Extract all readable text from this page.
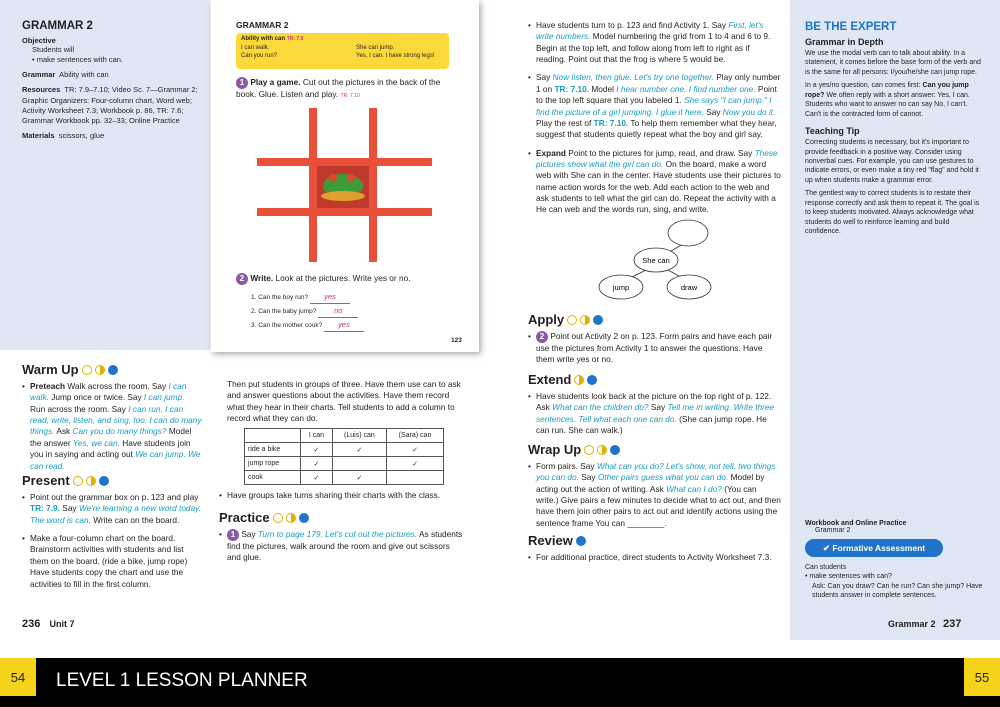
GRAMMAR 2
Objective
Students will
• make sentences with can.
Grammar Ability with can
Resources TR: 7.9–7.10; Video Sc. 7—Grammar 2; Graphic Organizers: Four-column chart, Word web; Activity Worksheet 7.3; Workbook p. 86, TR: 7.6; Grammar Workbook pp. 32–33; Online Practice
Materials scissors, glue
GRAMMAR 2
Ability with can TR: 7.9
I can walk.	She can jump.
Can you run?	Yes, I can. I have strong legs!
1 Play a game. Cut out the pictures in the back of the book. Glue. Listen and play. TR: 7.10
2 Write. Look at the pictures. Write yes or no.
1. Can the boy run? yes
2. Can the baby jump? no
3. Can the mother cook? yes
123
Warm Up
• Preteach Walk across the room. Say I can walk. Jump once or twice. Say I can jump. Run across the room. Say I can run. I can read, write, listen, and sing, too. I can do many things. Ask Can you do many things? Model the answer Yes, we can. Have students join you in saying and acting out We can jump. We can read.
Present
• Point out the grammar box on p. 123 and play TR: 7.9. Say We're learning a new word today. The word is can. Write can on the board.
• Make a four-column chart on the board. Brainstorm activities with students and list them on the board. (ride a bike, jump rope) Have students copy the chart and use the activities to fill in the first column.
Then put students in groups of three. Have them use can to ask and answer questions about the activities. Have them record what they hear in their charts. Tell students to add a column to record what they can do.
	I can	(Luis) can	(Sara) can
ride a bike	✓	✓	✓
jump rope	✓		✓
cook	✓	✓	
• Have groups take turns sharing their charts with the class.
Practice
• 1 Say Turn to page 179. Let's cut out the pictures. As students find the pictures, walk around the room and give out scissors and glue.
• Have students turn to p. 123 and find Activity 1. Say First, let's write numbers. Model numbering the grid from 1 to 4 and 6 to 9. Begin at the top left, and follow along from left to right as if reading. Point out that the frog is where 5 would be.
• Say Now listen, then glue. Let's try one together. Play only number 1 on TR: 7.10. Model I hear number one. I find number one. Point to the top left square that you labeled 1. She says "I can jump." I find the picture of a girl jumping. I glue it here. Say Now you do it. Play the rest of TR: 7.10. To help them remember what they hear, suggest that students quietly repeat what the boy and girl say.
• Expand Point to the pictures for jump, read, and draw. Say These pictures show what the girl can do. On the board, make a word web with She can in the center. Have students use their pictures to name action words for the web. Add each action to the web and ask students to tell what the girl can do. Repeat the activity with a He can web and the words run, sing, and write.
She can
jump	draw
Apply
• 2 Point out Activity 2 on p. 123. Form pairs and have each pair use the pictures from Activity 1 to answer the questions. Have them write yes or no.
Extend
• Have students look back at the picture on the top right of p. 122. Ask What can the children do? Say Tell me in writing. Write three sentences. Tell what each one can do. (She can jump rope. He can run. She can walk.)
Wrap Up
• Form pairs. Say What can you do? Let's show, not tell, two things you can do. Say Other pairs guess what you can do. Model by acting out the action of writing. Ask What can I do? (You can write.) Give pairs a few minutes to decide what to act out, and then have them join other pairs to act out and identify actions using the sentence frame You can ________.
Review
• For additional practice, direct students to Activity Worksheet 7.3.
BE THE EXPERT
Grammar in Depth
We use the modal verb can to talk about ability. In a statement, it comes before the base form of the verb and is the same for all persons: I/you/he/she can jump rope.
In a yes/no question, can comes first: Can you jump rope? We often reply with a short answer: Yes, I can. Students who want to answer no can say No, I can't. Can't is the contracted form of cannot.
Teaching Tip
Correcting students is necessary, but it's important to provide feedback in a positive way. Consider using nonverbal cues. For example, you can use gestures to indicate errors, or even make a tiny red "flag" and hold it up when students make a grammar error.
The gentlest way to correct students is to restate their response correctly and ask them to repeat it. The goal is to keep students motivated. Always acknowledge what students do well to reinforce learning and build confidence.
Workbook and Online Practice
Grammar 2
✔ Formative Assessment
Can students
• make sentences with can?
Ask: Can you draw? Can he run? Can she jump? Have students answer in complete sentences.
236 Unit 7	Grammar 2 237
54	55
LEVEL 1 LESSON PLANNER
